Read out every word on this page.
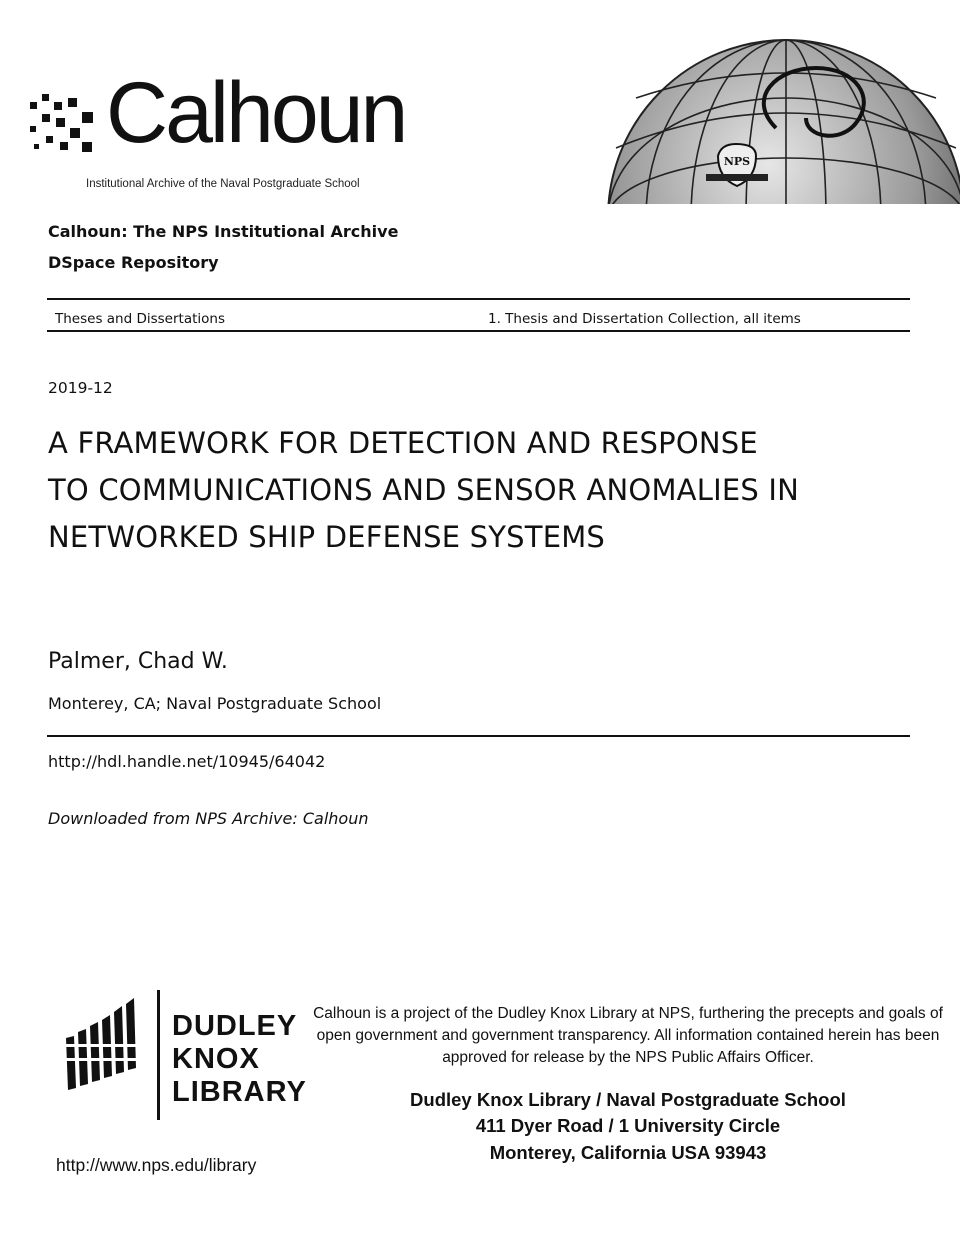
Calhoun
Institutional Archive of the Naval Postgraduate School
NPS
Calhoun: The NPS Institutional Archive
DSpace Repository
Theses and Dissertations	1. Thesis and Dissertation Collection, all items
2019-12
A FRAMEWORK FOR DETECTION AND RESPONSE TO COMMUNICATIONS AND SENSOR ANOMALIES IN NETWORKED SHIP DEFENSE SYSTEMS
Palmer, Chad W.
Monterey, CA; Naval Postgraduate School
http://hdl.handle.net/10945/64042
Downloaded from NPS Archive: Calhoun
DUDLEY
KNOX
LIBRARY
Calhoun is a project of the Dudley Knox Library at NPS, furthering the precepts and goals of open government and government transparency. All information contained herein has been approved for release by the NPS Public Affairs Officer.
Dudley Knox Library / Naval Postgraduate School
411 Dyer Road / 1 University Circle
Monterey, California USA 93943
http://www.nps.edu/library
